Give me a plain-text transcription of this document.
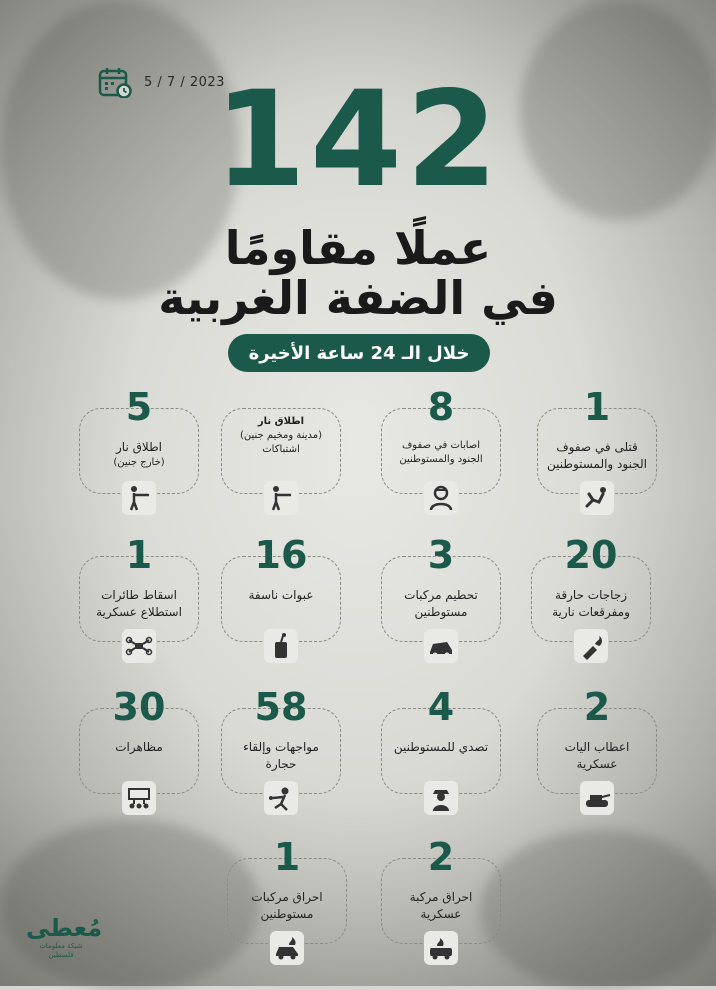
5 / 7 / 2023
142
عملًا مقاومًا
في الضفة الغربية
خلال الـ 24 ساعة الأخيرة
1
قتلى في صفوف الجنود والمستوطنين
8
اصابات في صفوف الجنود والمستوطنين
اطلاق نار
(مدينة ومخيم جنين)
اشتباكات
5
اطلاق نار
(خارج جنين)
20
زجاجات حارقة ومفرقعات نارية
3
تحطيم مركبات مستوطنين
16
عبوات ناسفة
1
اسقاط طائرات استطلاع عسكرية
2
اعطاب اليات عسكرية
4
تصدي للمستوطنين
58
مواجهات وإلقاء حجارة
30
مظاهرات
2
احراق مركبة عسكرية
1
احراق مركبات مستوطنين
مُعطى
شبكة معلومات فلسطين
